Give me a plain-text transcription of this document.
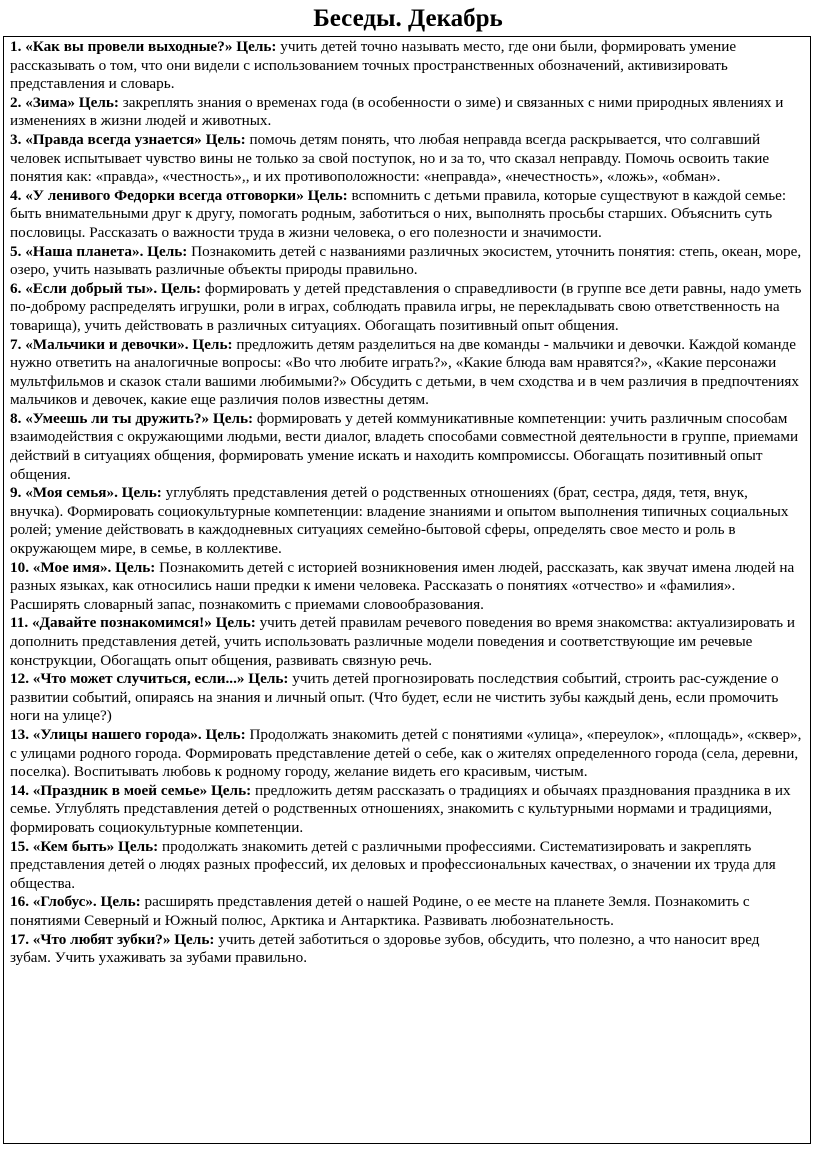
Беседы. Декабрь

1. «Как вы провели выходные?» Цель: учить детей точно называть место, где они были, формировать умение рассказывать о том, что они видели с использованием точных пространственных обозначений, активизировать представления и словарь.

2. «Зима» Цель: закреплять знания о временах года (в особенности о зиме) и связанных с ними природных явлениях и изменениях в жизни людей и животных.

3. «Правда всегда узнается» Цель: помочь детям понять, что любая неправда всегда раскрывается, что солгавший человек испытывает чувство вины не только за свой поступок, но и за то, что сказал неправду. Помочь освоить такие понятия как: «правда», «честность»,, и их противоположности: «неправда», «нечестность», «ложь», «обман».

4. «У ленивого Федорки всегда отговорки» Цель: вспомнить с детьми правила, которые существуют в каждой семье: быть внимательными друг к другу, помогать родным, заботиться о них, выполнять просьбы старших. Объяснить суть пословицы. Рассказать о важности труда в жизни человека, о его полезности и значимости.

5. «Наша планета». Цель: Познакомить детей с названиями различных экосистем, уточнить понятия: степь, океан, море, озеро, учить называть различные объекты природы правильно.

6. «Если добрый ты». Цель: формировать у детей представления о справедливости (в группе все дети равны, надо уметь по-доброму распределять игрушки, роли в играх, соблюдать правила игры, не перекладывать свою ответственность на товарища), учить действовать в различных ситуациях. Обогащать позитивный опыт общения.

7. «Мальчики и девочки». Цель: предложить детям разделиться на две команды - мальчики и девочки. Каждой команде нужно ответить на аналогичные вопросы: «Во что любите играть?», «Какие блюда вам нравятся?», «Какие персонажи мультфильмов и сказок стали вашими любимыми?» Обсудить с детьми, в чем сходства и в чем различия в предпочтениях мальчиков и девочек, какие еще различия полов известны детям.

8. «Умеешь ли ты дружить?» Цель: формировать у детей коммуникативные компетенции: учить различным способам взаимодействия с окружающими людьми, вести диалог, владеть способами совместной деятельности в группе, приемами действий в ситуациях общения, формировать умение искать и находить компромиссы. Обогащать позитивный опыт общения.

9. «Моя семья». Цель: углублять представления детей о родственных отношениях (брат, сестра, дядя, тетя, внук, внучка). Формировать социокультурные компетенции: владение знаниями и опытом выполнения типичных социальных ролей; умение действовать в каждодневных ситуациях семейно-бытовой сферы, определять свое место и роль в окружающем мире, в семье, в коллективе.

10. «Мое имя». Цель: Познакомить детей с историей возникновения имен людей, рассказать, как звучат имена людей на разных языках, как относились наши предки к имени человека. Рассказать о понятиях «отчество» и «фамилия». Расширять словарный запас, познакомить с приемами словообразования.

11. «Давайте познакомимся!» Цель: учить детей правилам речевого поведения во время знакомства: актуализировать и дополнить представления детей, учить использовать различные модели поведения и соответствующие им речевые конструкции, Обогащать опыт общения, развивать связную речь.

12. «Что может случиться, если...» Цель: учить детей прогнозировать последствия событий, строить рас-суждение о развитии событий, опираясь на знания и личный опыт. (Что будет, если не чистить зубы каждый день, если промочить ноги на улице?)

13. «Улицы нашего города». Цель: Продолжать знакомить детей с понятиями «улица», «переулок», «площадь», «сквер», с улицами родного города. Формировать представление детей о себе, как о жителях определенного города (села, деревни, поселка). Воспитывать любовь к родному городу, желание видеть его красивым, чистым.

14. «Праздник в моей семье» Цель: предложить детям рассказать о традициях и обычаях празднования праздника в их семье. Углублять представления детей о родственных отношениях, знакомить с культурными нормами и традициями, формировать социокультурные компетенции.

15. «Кем быть» Цель: продолжать знакомить детей с различными профессиями. Систематизировать и закреплять представления детей о людях разных профессий, их деловых и профессиональных качествах, о значении их труда для общества.

16. «Глобус». Цель: расширять представления детей о нашей Родине, о ее месте на планете Земля. Познакомить с понятиями Северный и Южный полюс, Арктика и Антарктика. Развивать любознательность.

17. «Что любят зубки?» Цель: учить детей заботиться о здоровье зубов, обсудить, что полезно, а что наносит вред зубам. Учить ухаживать за зубами правильно.
